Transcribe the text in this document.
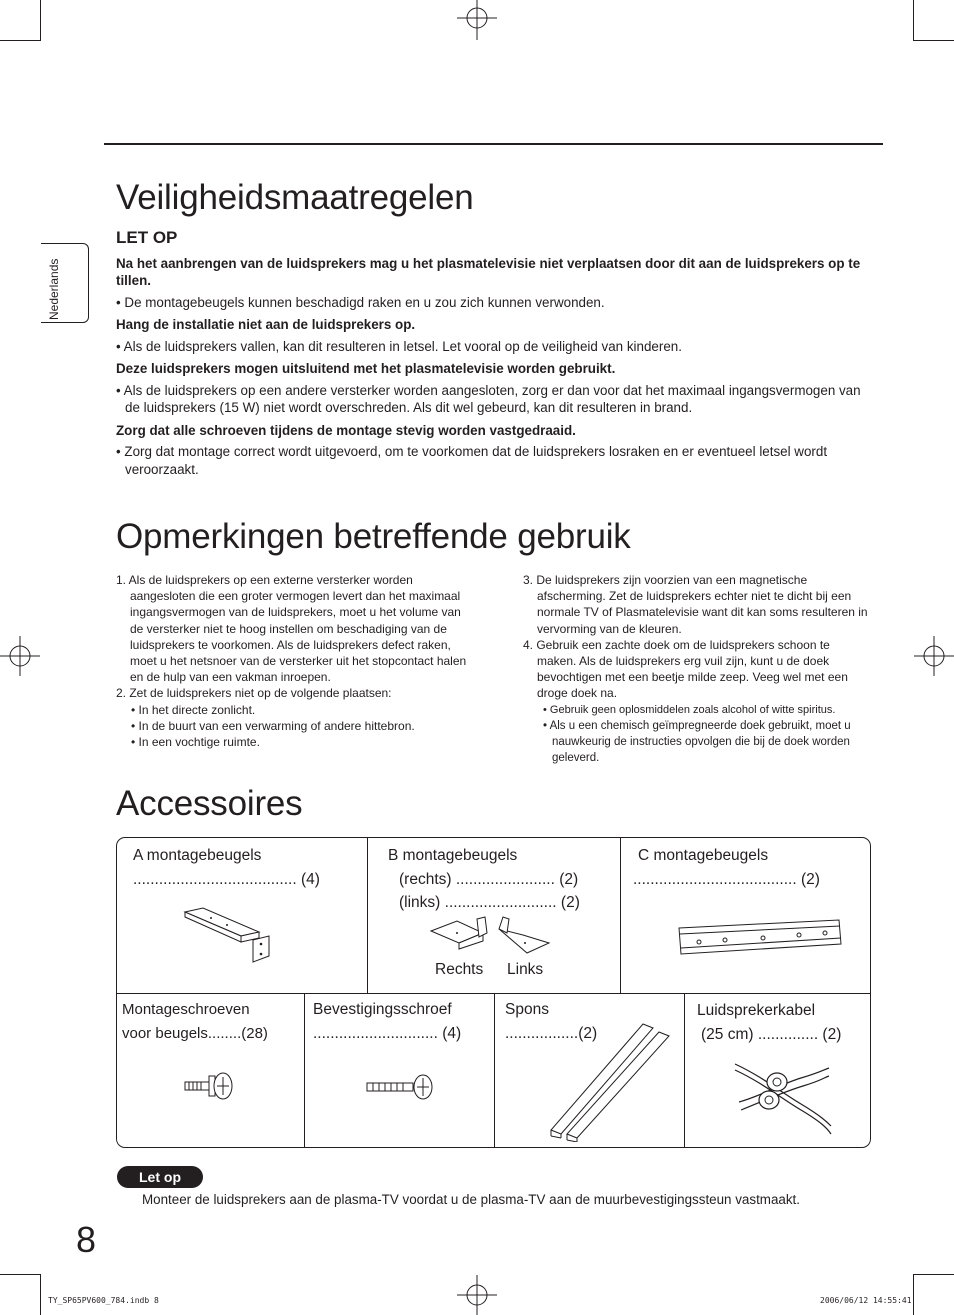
Nederlands
Veiligheidsmaatregelen
LET OP
Na het aanbrengen van de luidsprekers mag u het plasmatelevisie niet verplaatsen door dit aan de luidsprekers op te tillen.
• De montagebeugels kunnen beschadigd raken en u zou zich kunnen verwonden.
Hang de installatie niet aan de luidsprekers op.
• Als de luidsprekers vallen, kan dit resulteren in letsel. Let vooral op de veiligheid van kinderen.
Deze luidsprekers mogen uitsluitend met het plasmatelevisie worden gebruikt.
• Als de luidsprekers op een andere versterker worden aangesloten, zorg er dan voor dat het maximaal ingangsvermogen van de luidsprekers (15 W) niet wordt overschreden. Als dit wel gebeurd, kan dit resulteren in brand.
Zorg dat alle schroeven tijdens de montage stevig worden vastgedraaid.
• Zorg dat montage correct wordt uitgevoerd, om te voorkomen dat de luidsprekers losraken en er eventueel letsel wordt veroorzaakt.
Opmerkingen betreffende gebruik
1. Als de luidsprekers op een externe versterker worden aangesloten die een groter vermogen levert dan het maximaal ingangsvermogen van de luidsprekers, moet u het volume van de versterker niet te hoog instellen om beschadiging van de luidsprekers te voorkomen. Als de luidsprekers defect raken, moet u het netsnoer van de versterker uit het stopcontact halen en de hulp van een vakman inroepen.
2. Zet de luidsprekers niet op de volgende plaatsen:
• In het directe zonlicht.
• In de buurt van een verwarming of andere hittebron.
• In een vochtige ruimte.
3. De luidsprekers zijn voorzien van een magnetische afscherming. Zet de luidsprekers echter niet te dicht bij een normale TV of Plasmatelevisie want dit kan soms resulteren in vervorming van de kleuren.
4. Gebruik een zachte doek om de luidsprekers schoon te maken. Als de luidsprekers erg vuil zijn, kunt u de doek bevochtigen met een beetje milde zeep. Veeg wel met een droge doek na.
• Gebruik geen oplosmiddelen zoals alcohol of witte spiritus.
• Als u een chemisch geïmpregneerde doek gebruikt, moet u nauwkeurig de instructies opvolgen die bij de doek worden geleverd.
Accessoires
A montagebeugels
...................................... (4)
B montagebeugels
(rechts) ....................... (2)
(links) .......................... (2)
Rechts Links
C montagebeugels
...................................... (2)
Montageschroeven
voor beugels........(28)
Bevestigingsschroef
............................. (4)
Spons
.................(2)
Luidsprekerkabel
(25 cm) .............. (2)
Let op
Monteer de luidsprekers aan de plasma-TV voordat u de plasma-TV aan de muurbevestigingssteun vastmaakt.
8
TY_SP65PV600_784.indb 8	2006/06/12 14:55:41
